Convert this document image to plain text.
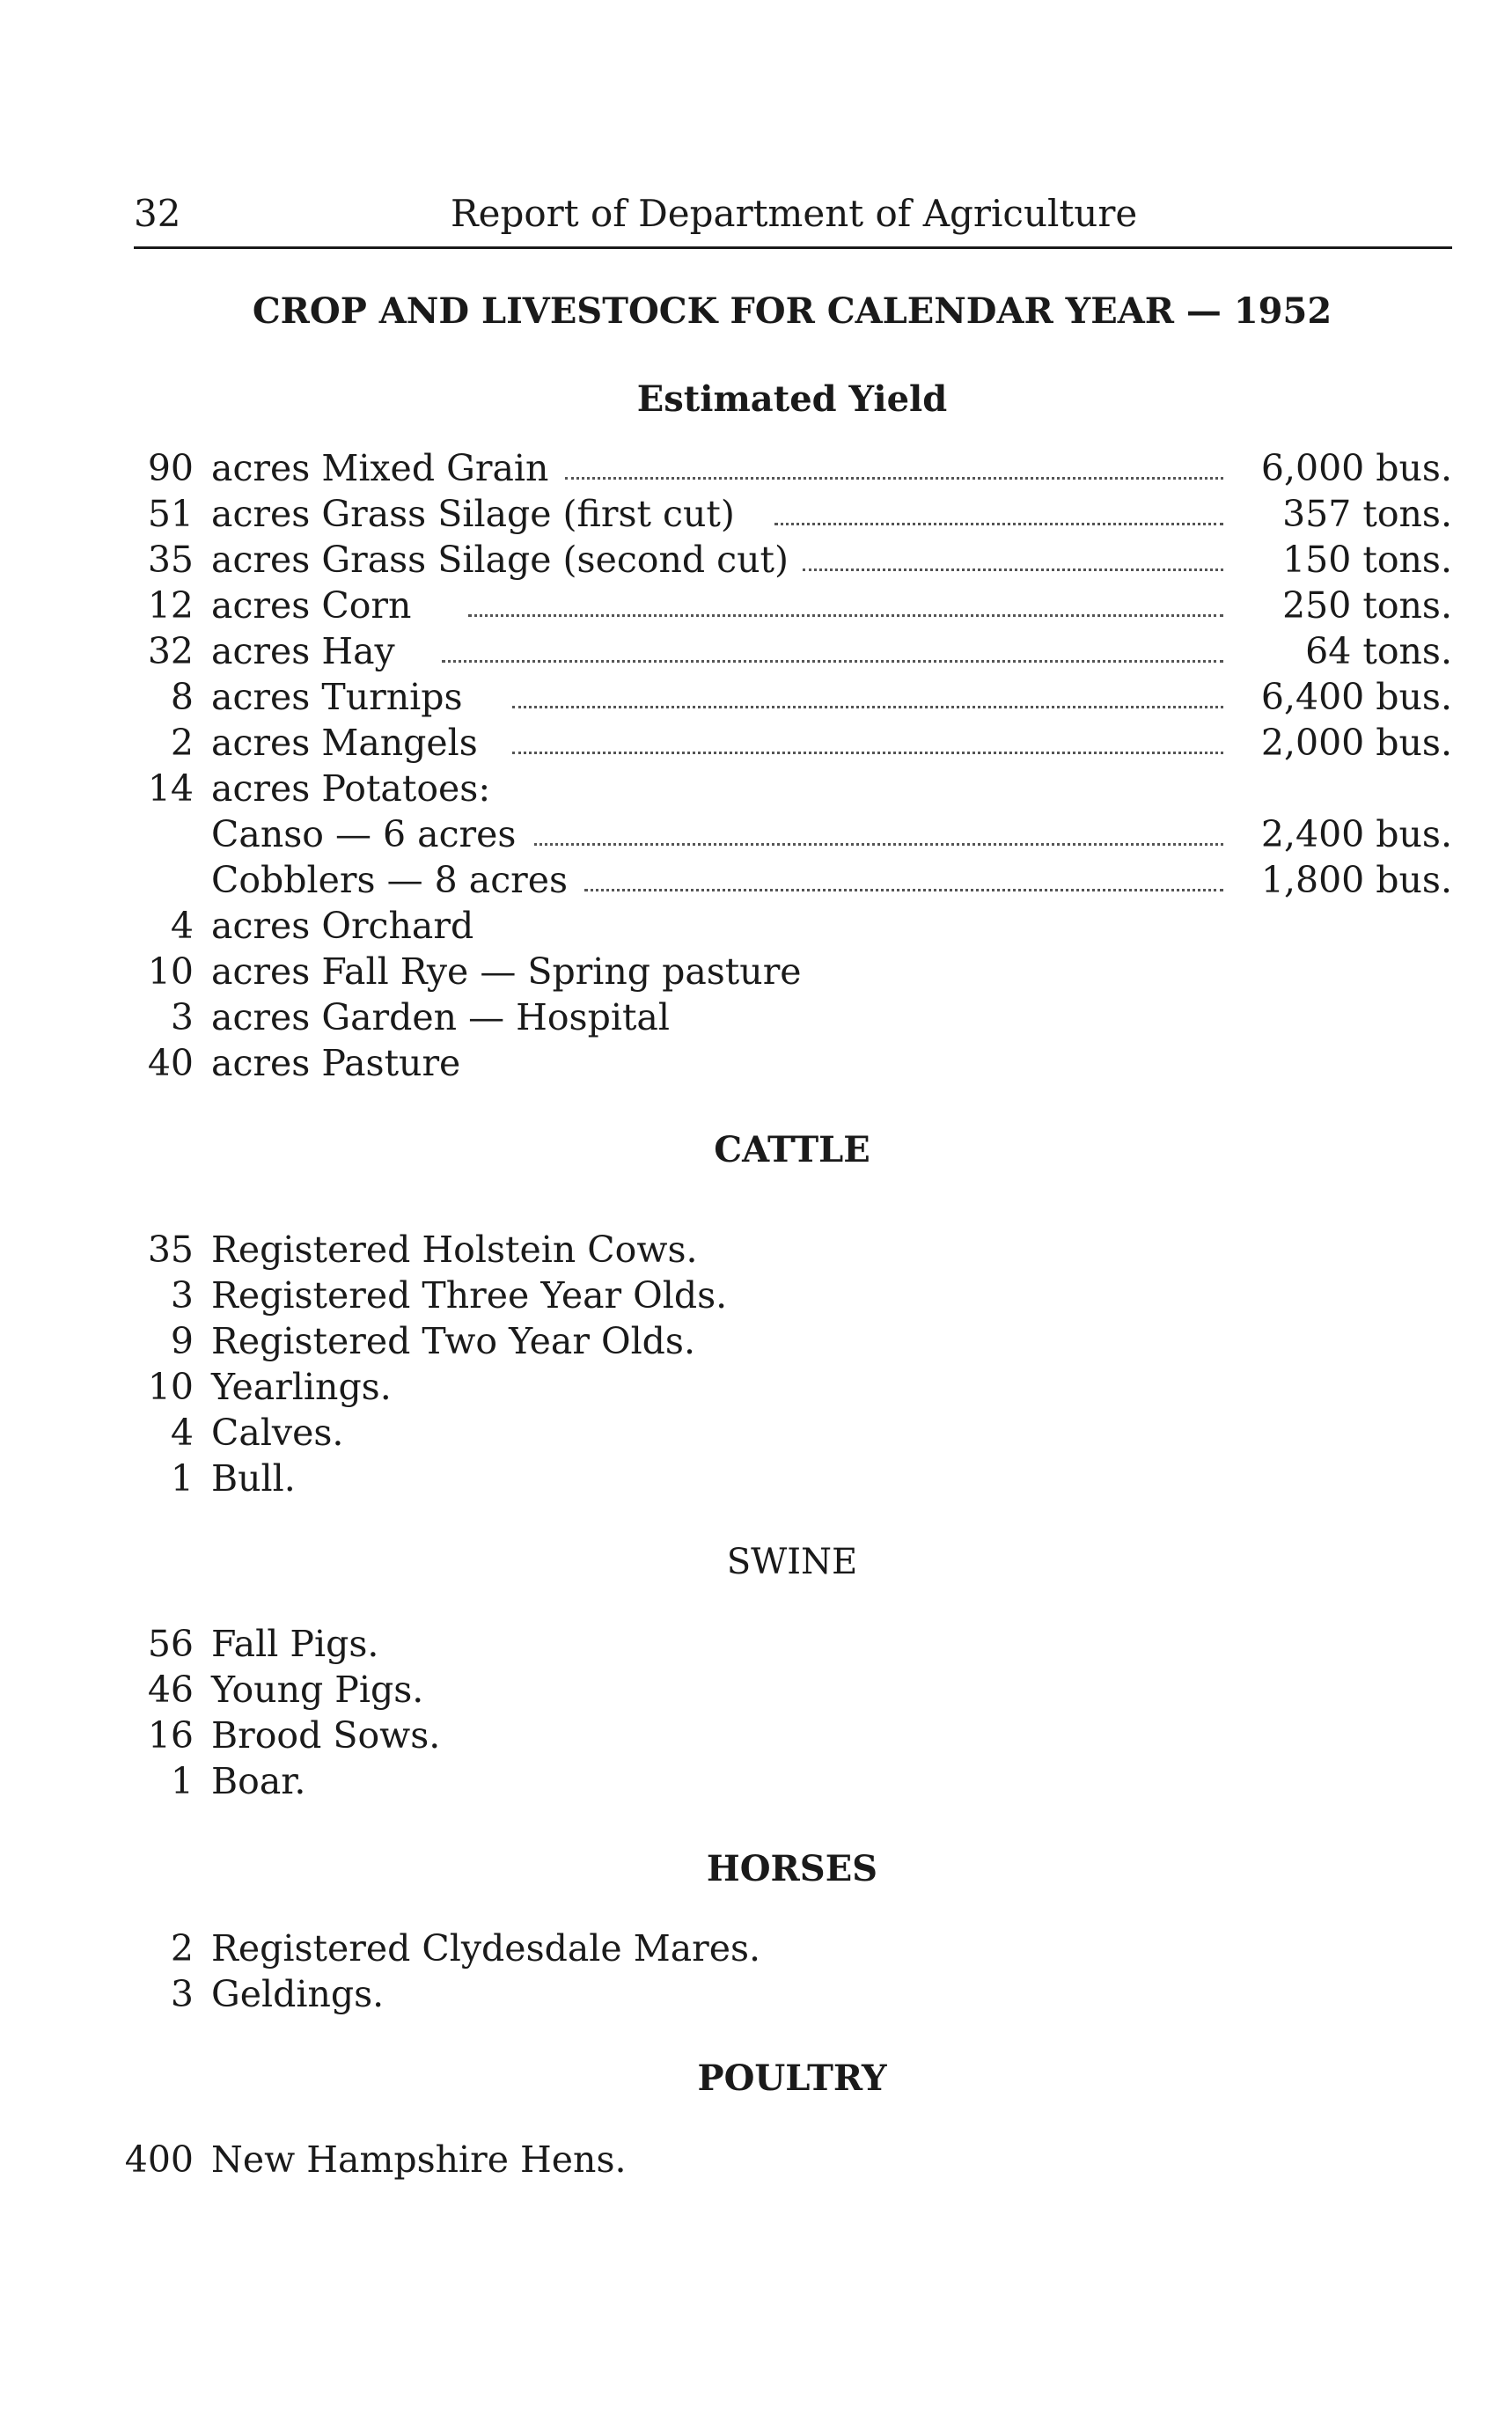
32	Report of Department of Agriculture
CROP AND LIVESTOCK FOR CALENDAR YEAR — 1952
Estimated Yield
90 acres Mixed Grain	6,000 bus.
51 acres Grass Silage (first cut)	357 tons.
35 acres Grass Silage (second cut)	150 tons.
12 acres Corn	250 tons.
32 acres Hay	64 tons.
8 acres Turnips	6,400 bus.
2 acres Mangels	2,000 bus.
14 acres Potatoes:
Canso — 6 acres	2,400 bus.
Cobblers — 8 acres	1,800 bus.
4 acres Orchard
10 acres Fall Rye — Spring pasture
3 acres Garden — Hospital
40 acres Pasture
CATTLE
35 Registered Holstein Cows.
3 Registered Three Year Olds.
9 Registered Two Year Olds.
10 Yearlings.
4 Calves.
1 Bull.
SWINE
56 Fall Pigs.
46 Young Pigs.
16 Brood Sows.
1 Boar.
HORSES
2 Registered Clydesdale Mares.
3 Geldings.
POULTRY
400 New Hampshire Hens.
